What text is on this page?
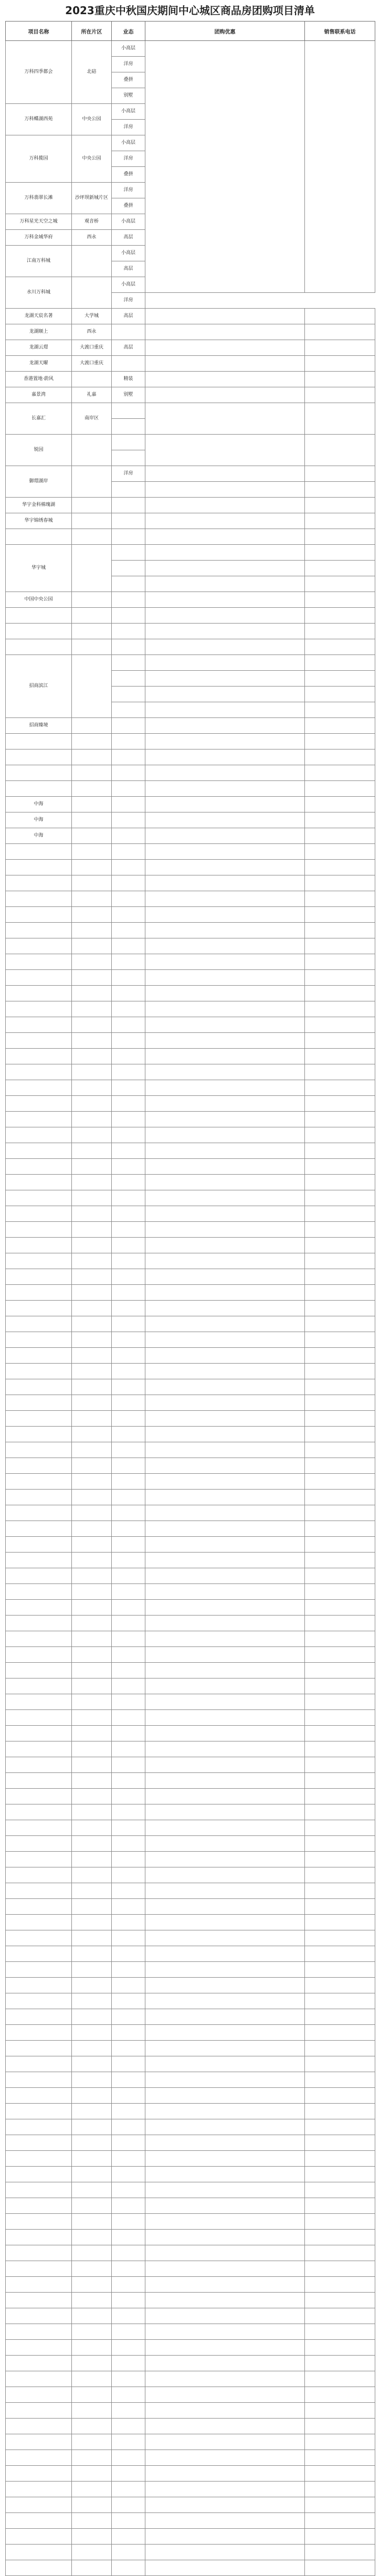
2023重庆中秋国庆期间中心城区商品房团购项目清单
项目名称	所在片区	业态	团购优惠	销售联系电话
万科四季都会	北碚	小高层		
		洋房		
		叠拼		
		别墅		
万科蝶湖西苑	中央公园	小高层		
		洋房		
万科揽园	中央公园	小高层		
		洋房		
		叠拼		
万科翡翠长滩	沙坪坝新城片区	洋房		
		叠拼		
万科星光天空之城	观音桥	小高层		
万科金域华府	西永	高层		
江南万科城		小高层		
		高层		
水川万科城		小高层		
		洋房		
龙湖天宸名著	大学城	高层		
龙湖顺上	西永			
龙湖云璟	大渡口重庆	高层		
龙湖天曜	大渡口重庆			
香港置地·蔚风		精装		
嘉景湾	礼嘉	别墅		
长嘉汇	南岸区			

锐园				

御璟湖岸		洋房		

华宇金科棉瑰湖				
华宇锦绣春城				

华宇城				

中国中央公园				

招商滨江				

招商臻境				

中海				
中海				
中海				
